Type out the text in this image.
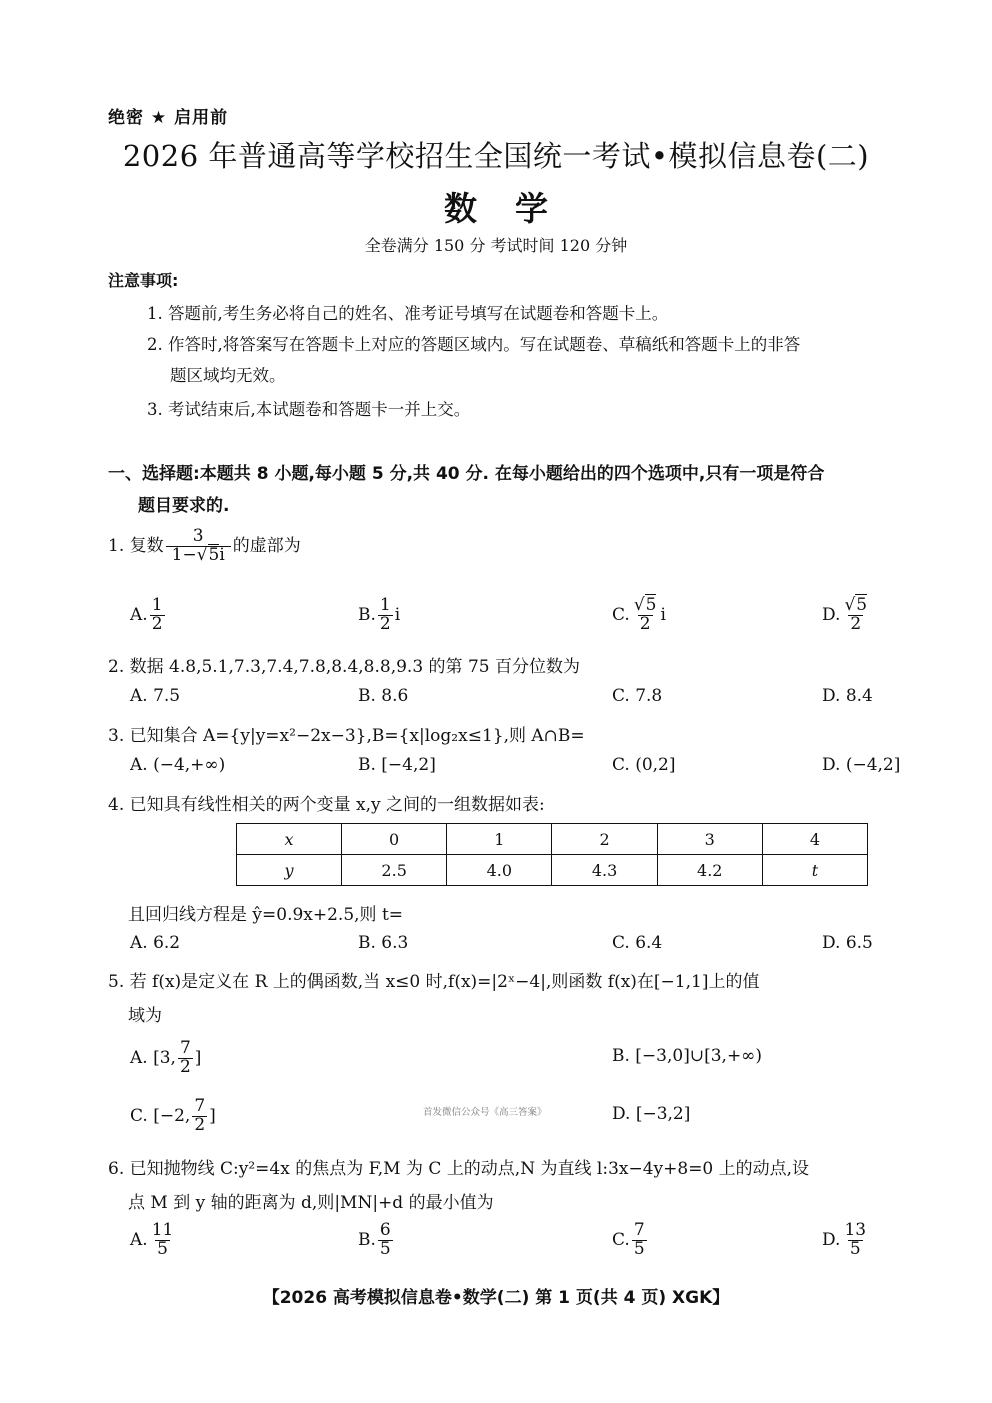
绝密 ★ 启用前
2026 年普通高等学校招生全国统一考试•模拟信息卷(二)
数学
全卷满分 150 分 考试时间 120 分钟
注意事项:
1. 答题前,考生务必将自己的姓名、准考证号填写在试题卷和答题卡上。
2. 作答时,将答案写在答题卡上对应的答题区域内。写在试题卷、草稿纸和答题卡上的非答
题区域均无效。
3. 考试结束后,本试题卷和答题卡一并上交。
一、选择题:本题共 8 小题,每小题 5 分,共 40 分. 在每小题给出的四个选项中,只有一项是符合
题目要求的.
1. 复数 $\frac{3}{1-√5i}$ 的虚部为
A. $\frac{1}{2}$	B. $\frac{1}{2}$ i	C. $\frac{√5}{2}$ i	D. $\frac{√5}{2}$
2. 数据 4.8,5.1,7.3,7.4,7.8,8.4,8.8,9.3 的第 75 百分位数为
A. 7.5	B. 8.6	C. 7.8	D. 8.4
3. 已知集合 A={y|y=x²−2x−3},B={x|log₂x≤1},则 A∩B=
A. (−4,+∞)	B. [−4,2]	C. (0,2]	D. (−4,2]
4. 已知具有线性相关的两个变量 x,y 之间的一组数据如表:
x	0	1	2	3	4
y	2.5	4.0	4.3	4.2	t
且回归线方程是 ŷ=0.9x+2.5,则 t=
A. 6.2	B. 6.3	C. 6.4	D. 6.5
5. 若 f(x)是定义在 R 上的偶函数,当 x≤0 时,f(x)=|2ˣ−4|,则函数 f(x)在[−1,1]上的值
域为
A. [3, $\frac{7}{2}$ ]	B. [−3,0]∪[3,+∞)
C. [−2, $\frac{7}{2}$ ]	首发微信公众号《高三答案》	D. [−3,2]
6. 已知抛物线 C:y²=4x 的焦点为 F,M 为 C 上的动点,N 为直线 l:3x−4y+8=0 上的动点,设
点 M 到 y 轴的距离为 d,则|MN|+d 的最小值为
A. $\frac{11}{5}$	B. $\frac{6}{5}$	C. $\frac{7}{5}$	D. $\frac{13}{5}$
【2026 高考模拟信息卷•数学(二) 第 1 页(共 4 页) XGK】
